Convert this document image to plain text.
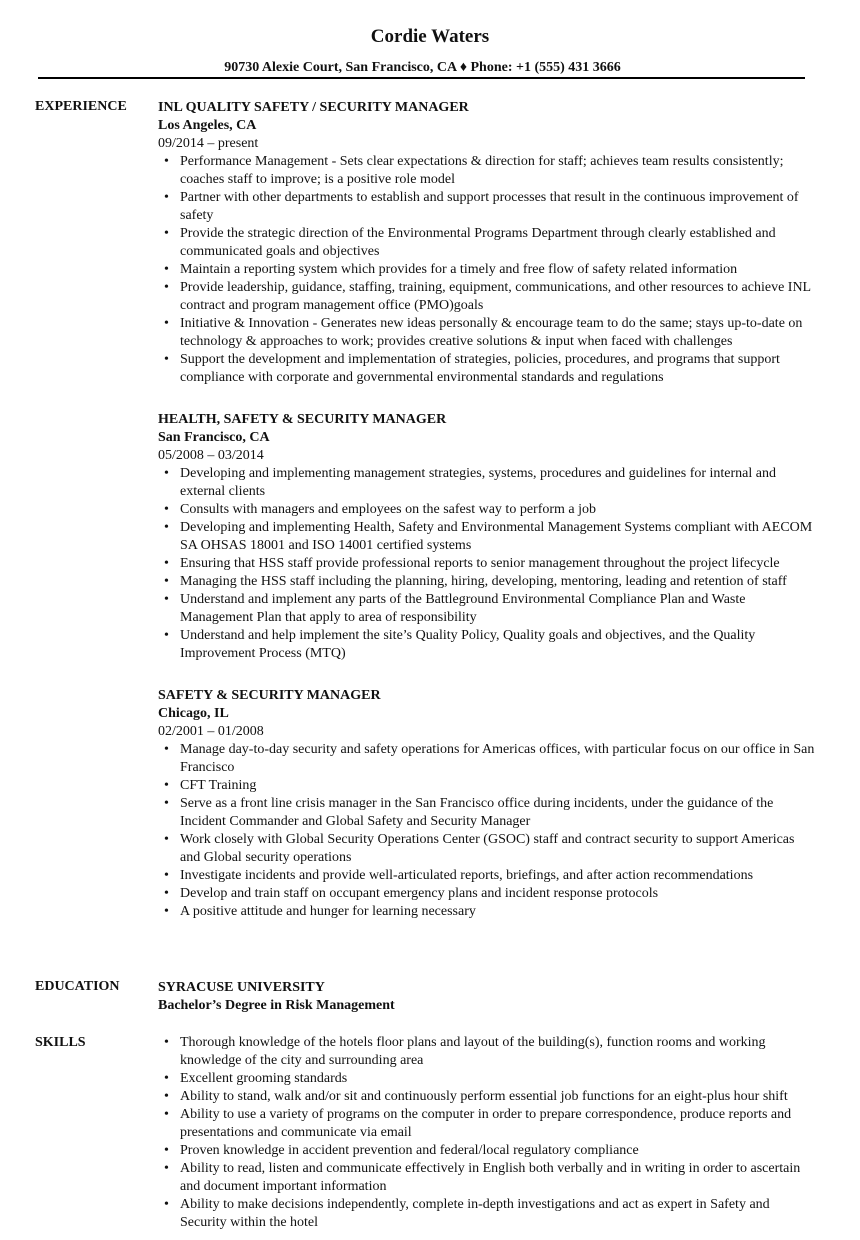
Cordie Waters
90730 Alexie Court, San Francisco, CA ♦ Phone: +1 (555) 431 3666
EXPERIENCE INL QUALITY SAFETY / SECURITY MANAGER
Los Angeles, CA
09/2014 – present
• Performance Management - Sets clear expectations & direction for staff; achieves team results consistently; coaches staff to improve; is a positive role model
• Partner with other departments to establish and support processes that result in the continuous improvement of safety
• Provide the strategic direction of the Environmental Programs Department through clearly established and communicated goals and objectives
• Maintain a reporting system which provides for a timely and free flow of safety related information
• Provide leadership, guidance, staffing, training, equipment, communications, and other resources to achieve INL contract and program management office (PMO)goals
• Initiative & Innovation - Generates new ideas personally & encourage team to do the same; stays up-to-date on technology & approaches to work; provides creative solutions & input when faced with challenges
• Support the development and implementation of strategies, policies, procedures, and programs that support compliance with corporate and governmental environmental standards and regulations
HEALTH, SAFETY & SECURITY MANAGER
San Francisco, CA
05/2008 – 03/2014
• Developing and implementing management strategies, systems, procedures and guidelines for internal and external clients
• Consults with managers and employees on the safest way to perform a job
• Developing and implementing Health, Safety and Environmental Management Systems compliant with AECOM SA OHSAS 18001 and ISO 14001 certified systems
• Ensuring that HSS staff provide professional reports to senior management throughout the project lifecycle
• Managing the HSS staff including the planning, hiring, developing, mentoring, leading and retention of staff
• Understand and implement any parts of the Battleground Environmental Compliance Plan and Waste Management Plan that apply to area of responsibility
• Understand and help implement the site’s Quality Policy, Quality goals and objectives, and the Quality Improvement Process (MTQ)
SAFETY & SECURITY MANAGER
Chicago, IL
02/2001 – 01/2008
• Manage day-to-day security and safety operations for Americas offices, with particular focus on our office in San Francisco
• CFT Training
• Serve as a front line crisis manager in the San Francisco office during incidents, under the guidance of the Incident Commander and Global Safety and Security Manager
• Work closely with Global Security Operations Center (GSOC) staff and contract security to support Americas and Global security operations
• Investigate incidents and provide well-articulated reports, briefings, and after action recommendations
• Develop and train staff on occupant emergency plans and incident response protocols
• A positive attitude and hunger for learning necessary
EDUCATION	SYRACUSE UNIVERSITY
Bachelor’s Degree in Risk Management
SKILLS
•	Thorough knowledge of the hotels floor plans and layout of the building(s), function rooms and working knowledge of the city and surrounding area
• Excellent grooming standards
• Ability to stand, walk and/or sit and continuously perform essential job functions for an eight-plus hour shift
• Ability to use a variety of programs on the computer in order to prepare correspondence, produce reports and presentations and communicate via email
• Proven knowledge in accident prevention and federal/local regulatory compliance
• Ability to read, listen and communicate effectively in English both verbally and in writing in order to ascertain and document important information
• Ability to make decisions independently, complete in-depth investigations and act as expert in Safety and Security within the hotel
